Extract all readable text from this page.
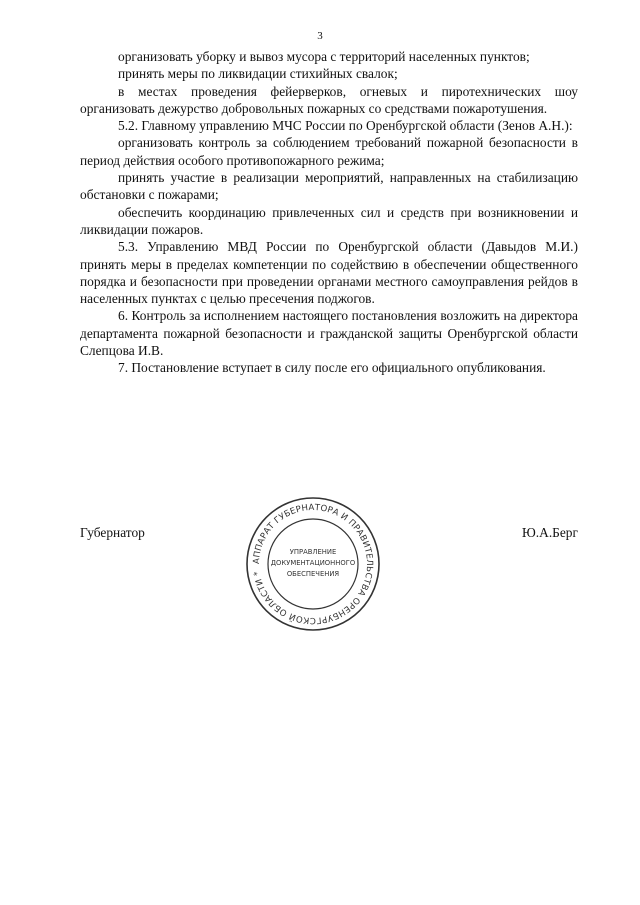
3

организовать уборку и вывоз мусора с территорий населенных пунктов;

принять меры по ликвидации стихийных свалок;

в местах проведения фейерверков, огневых и пиротехнических шоу организовать дежурство добровольных пожарных со средствами пожаротушения.

5.2. Главному управлению МЧС России по Оренбургской области (Зенов А.Н.):

организовать контроль за соблюдением требований пожарной безопасности в период действия особого противопожарного режима;

принять участие в реализации мероприятий, направленных на стабилизацию обстановки с пожарами;

обеспечить координацию привлеченных сил и средств при возникновении и ликвидации пожаров.

5.3. Управлению МВД России по Оренбургской области (Давыдов М.И.) принять меры в пределах компетенции по содействию в обеспечении общественного порядка и безопасности при проведении органами местного самоуправления рейдов в населенных пунктах с целью пресечения поджогов.

6. Контроль за исполнением настоящего постановления возложить на директора департамента пожарной безопасности и гражданской защиты Оренбургской области Слепцова И.В.

7. Постановление вступает в силу после его официального опубликования.

Губернатор
АППАРАТ ГУБЕРНАТОРА И ПРАВИТЕЛЬСТВА ОРЕНБУРГСКОЙ ОБЛАСТИ *
УПРАВЛЕНИЕ
ДОКУМЕНТАЦИОННОГО
ОБЕСПЕЧЕНИЯ
Ю.А.Берг
